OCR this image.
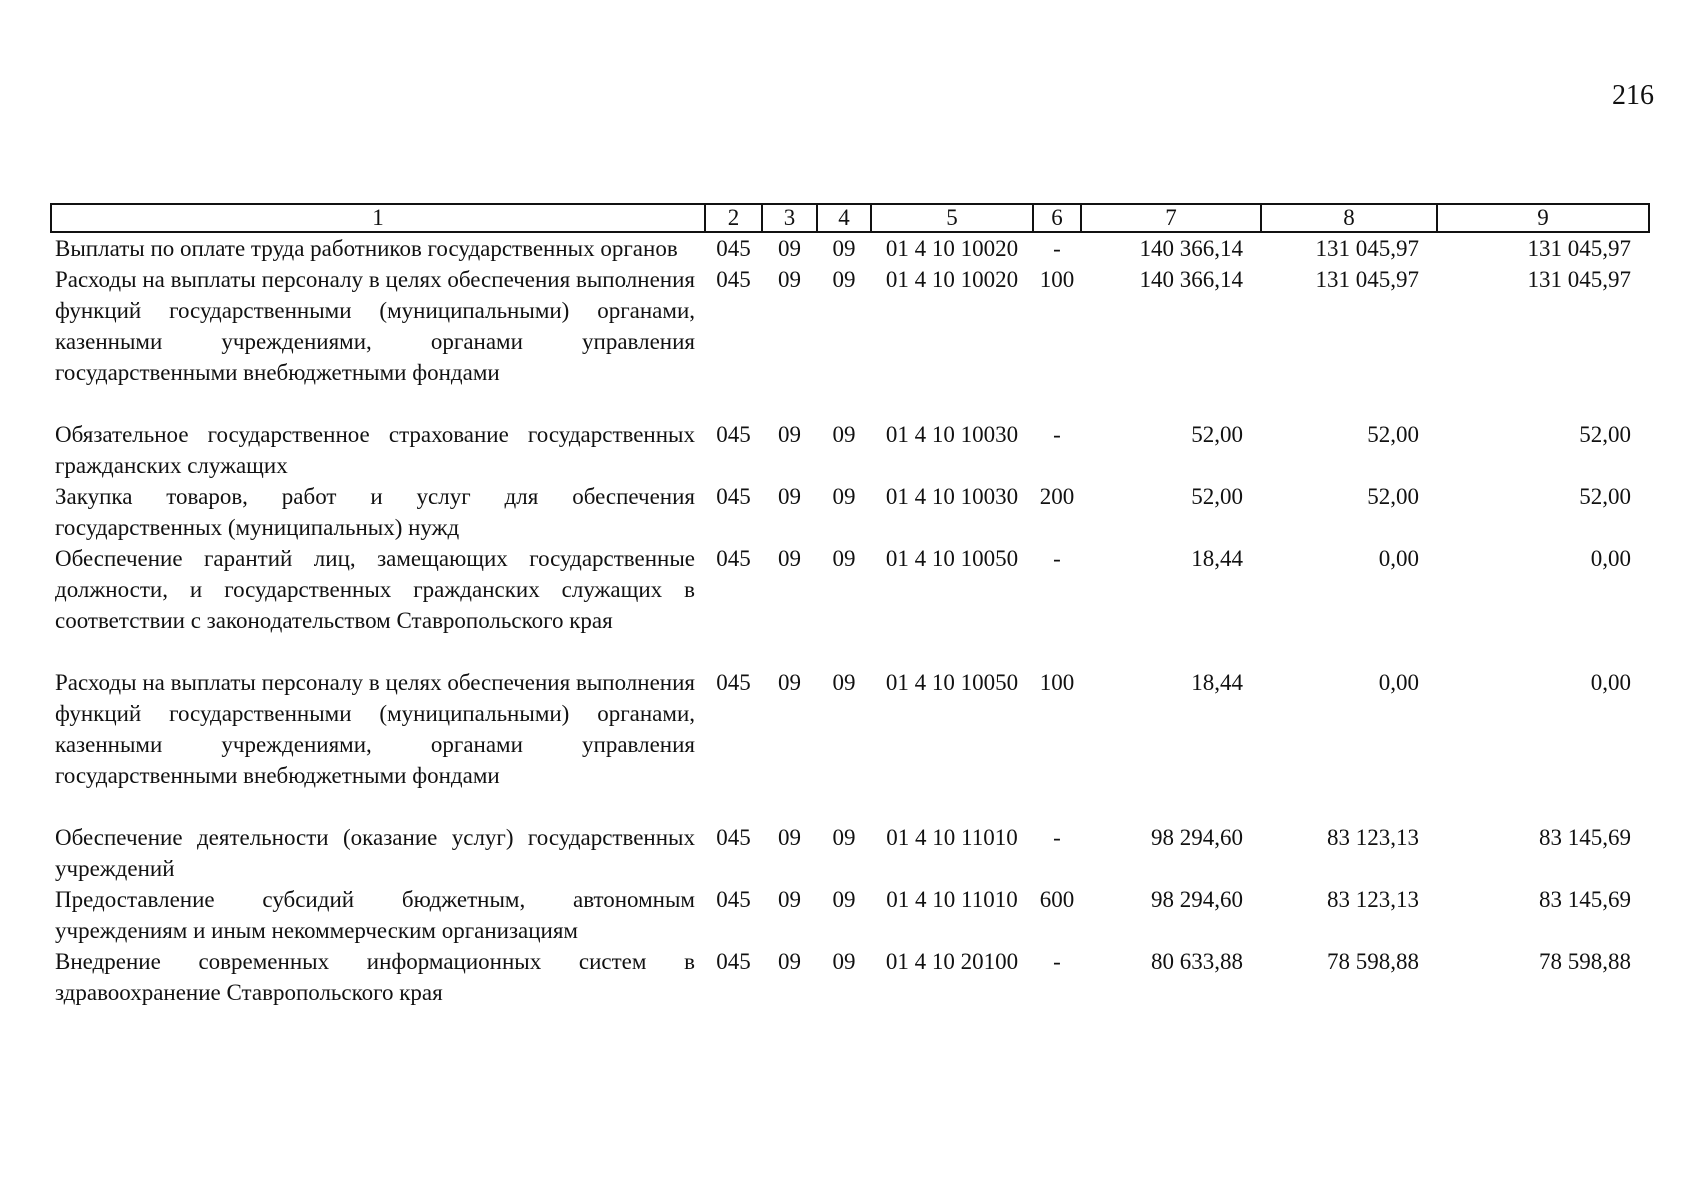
216
1	2	3	4	5	6	7	8	9
Выплаты по оплате труда работников государственных органов	045	09	09	01 4 10 10020	-	140 366,14	131 045,97	131 045,97
Расходы на выплаты персоналу в целях обеспечения выполнения функций государственными (муниципальными) органами, казенными учреждениями, органами управления государственными внебюджетными фондами	045	09	09	01 4 10 10020	100	140 366,14	131 045,97	131 045,97
Обязательное государственное страхование государственных гражданских служащих	045	09	09	01 4 10 10030	-	52,00	52,00	52,00
Закупка товаров, работ и услуг для обеспечения государственных (муниципальных) нужд	045	09	09	01 4 10 10030	200	52,00	52,00	52,00
Обеспечение гарантий лиц, замещающих государственные должности, и государственных гражданских служащих в соответствии с законодательством Ставропольского края	045	09	09	01 4 10 10050	-	18,44	0,00	0,00
Расходы на выплаты персоналу в целях обеспечения выполнения функций государственными (муниципальными) органами, казенными учреждениями, органами управления государственными внебюджетными фондами	045	09	09	01 4 10 10050	100	18,44	0,00	0,00
Обеспечение деятельности (оказание услуг) государственных учреждений	045	09	09	01 4 10 11010	-	98 294,60	83 123,13	83 145,69
Предоставление субсидий бюджетным, автономным учреждениям и иным некоммерческим организациям	045	09	09	01 4 10 11010	600	98 294,60	83 123,13	83 145,69
Внедрение современных информационных систем в здравоохранение Ставропольского края	045	09	09	01 4 10 20100	-	80 633,88	78 598,88	78 598,88
